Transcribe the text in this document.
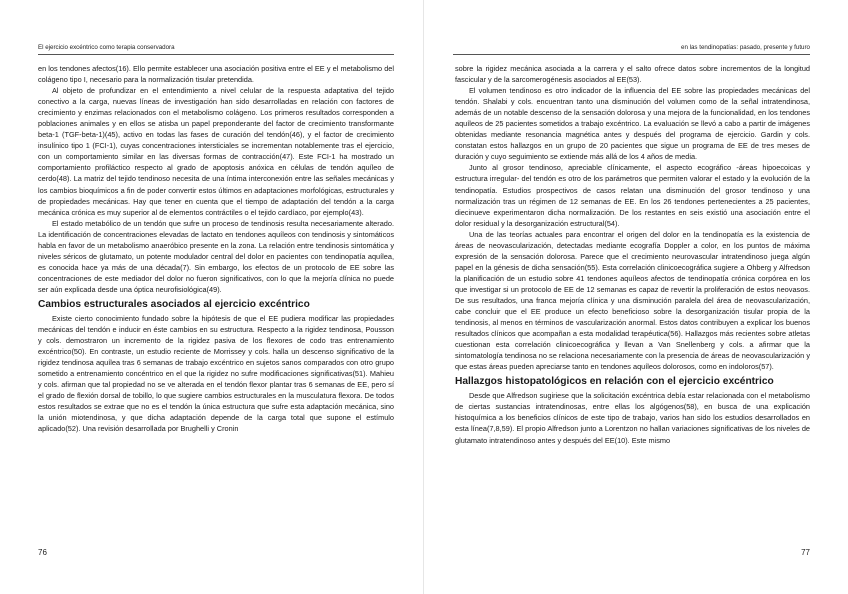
El ejercicio excéntrico como terapia conservadora

en los tendones afectos(16). Ello permite establecer una asociación positiva entre el EE y el metabolismo del colágeno tipo I, necesario para la normalización tisular pretendida.

Al objeto de profundizar en el entendimiento a nivel celular de la respuesta adaptativa del tejido conectivo a la carga, nuevas líneas de investigación han sido desarrolladas en relación con factores de crecimiento y enzimas relacionados con el metabolismo colágeno. Los primeros resultados corresponden a poblaciones animales y en ellos se atisba un papel preponderante del factor de crecimiento transformante beta-1 (TGF-beta-1)(45), activo en todas las fases de curación del tendón(46), y el factor de crecimiento insulínico tipo 1 (FCI-1), cuyas concentraciones intersticiales se incrementan notablemente tras el ejercicio, con un comportamiento similar en las diversas formas de contracción(47). Este FCI-1 ha mostrado un comportamiento profiláctico respecto al grado de apoptosis anóxica en células de tendón aquíleo de cerdo(48). La matriz del tejido tendinoso necesita de una íntima interconexión entre las señales mecánicas y los cambios bioquímicos a fin de poder convertir estos últimos en adaptaciones morfológicas, estructurales y de propiedades mecánicas. Hay que tener en cuenta que el tiempo de adaptación del tendón a la carga mecánica crónica es muy superior al de elementos contráctiles o el tejido cardíaco, por ejemplo(43).

El estado metabólico de un tendón que sufre un proceso de tendinosis resulta necesariamente alterado. La identificación de concentraciones elevadas de lactato en tendones aquíleos con tendinosis y sintomáticos habla en favor de un metabolismo anaeróbico presente en la zona. La relación entre tendinosis sintomática y niveles séricos de glutamato, un potente modulador central del dolor en pacientes con tendinopatía aquílea, es conocida hace ya más de una década(7). Sin embargo, los efectos de un protocolo de EE sobre las concentraciones de este mediador del dolor no fueron significativos, con lo que la mejoría clínica no puede ser aún explicada desde una óptica neurofisiológica(49).

Cambios estructurales asociados al ejercicio excéntrico

Existe cierto conocimiento fundado sobre la hipótesis de que el EE pudiera modificar las propiedades mecánicas del tendón e inducir en éste cambios en su estructura. Respecto a la rigidez tendinosa, Pousson y cols. demostraron un incremento de la rigidez pasiva de los flexores de codo tras entrenamiento excéntrico(50). En contraste, un estudio reciente de Morrissey y cols. halla un descenso significativo de la rigidez tendinosa aquílea tras 6 semanas de trabajo excéntrico en sujetos sanos comparados con otro grupo sometido a entrenamiento concéntrico en el que la rigidez no sufre modificaciones significativas(51). Mahieu y cols. afirman que tal propiedad no se ve alterada en el tendón flexor plantar tras 6 semanas de EE, pero sí el grado de flexión dorsal de tobillo, lo que sugiere cambios estructurales en la musculatura flexora. De todos estos resultados se extrae que no es el tendón la única estructura que sufre esta adaptación mecánica, sino la unión miotendinosa, y que dicha adaptación depende de la carga total que supone el estímulo aplicado(52). Una revisión desarrollada por Brughelli y Cronin

76
en las tendinopatías: pasado, presente y futuro

sobre la rigidez mecánica asociada a la carrera y el salto ofrece datos sobre incrementos de la longitud fascicular y de la sarcomerogénesis asociados al EE(53).

El volumen tendinoso es otro indicador de la influencia del EE sobre las propiedades mecánicas del tendón. Shalabi y cols. encuentran tanto una disminución del volumen como de la señal intratendinosa, además de un notable descenso de la sensación dolorosa y una mejora de la funcionalidad, en los tendones aquíleos de 25 pacientes sometidos a trabajo excéntrico. La evaluación se llevó a cabo a partir de imágenes obtenidas mediante resonancia magnética antes y después del programa de ejercicio. Gardin y cols. constatan estos hallazgos en un grupo de 20 pacientes que sigue un programa de EE de tres meses de duración y cuyo seguimiento se extiende más allá de los 4 años de media.

Junto al grosor tendinoso, apreciable clínicamente, el aspecto ecográfico -áreas hipoecoicas y estructura irregular- del tendón es otro de los parámetros que permiten valorar el estado y la evolución de la tendinopatía. Estudios prospectivos de casos relatan una disminución del grosor tendinoso y una normalización tras un régimen de 12 semanas de EE. En los 26 tendones pertenecientes a 25 pacientes, diecinueve experimentaron dicha normalización. De los restantes en seis existió una asociación entre el dolor residual y la desorganización estructural(54).

Una de las teorías actuales para encontrar el origen del dolor en la tendinopatía es la existencia de áreas de neovascularización, detectadas mediante ecografía Doppler a color, en los puntos de máxima expresión de la sensación dolorosa. Parece que el crecimiento neurovascular intratendinoso juega algún papel en la génesis de dicha sensación(55). Esta correlación clinicoecográfica sugiere a Ohberg y Alfredson la planificación de un estudio sobre 41 tendones aquíleos afectos de tendinopatía crónica corpórea en los que investigar si un protocolo de EE de 12 semanas es capaz de revertir la proliferación de estos neovasos. De sus resultados, una franca mejoría clínica y una disminución paralela del área de neovascularización, cabe concluir que el EE produce un efecto beneficioso sobre la desorganización tisular propia de la tendinosis, al menos en términos de vascularización anormal. Estos datos contribuyen a explicar los buenos resultados clínicos que acompañan a esta modalidad terapéutica(56). Hallazgos más recientes sobre atletas cuestionan esta correlación clinicoecográfica y llevan a Van Snellenberg y cols. a afirmar que la sintomatología tendinosa no se relaciona necesariamente con la presencia de áreas de neovascularización y que estas áreas pueden apreciarse tanto en tendones aquíleos dolorosos, como en indoloros(57).

Hallazgos histopatológicos en relación con el ejercicio excéntrico

Desde que Alfredson sugiriese que la solicitación excéntrica debía estar relacionada con el metabolismo de ciertas sustancias intratendinosas, entre ellas los algógenos(58), en busca de una explicación histoquímica a los beneficios clínicos de este tipo de trabajo, varios han sido los estudios desarrollados en esta línea(7,8,59). El propio Alfredson junto a Lorentzon no hallan variaciones significativas de los niveles de glutamato intratendinoso antes y después del EE(10). Este mismo

77
